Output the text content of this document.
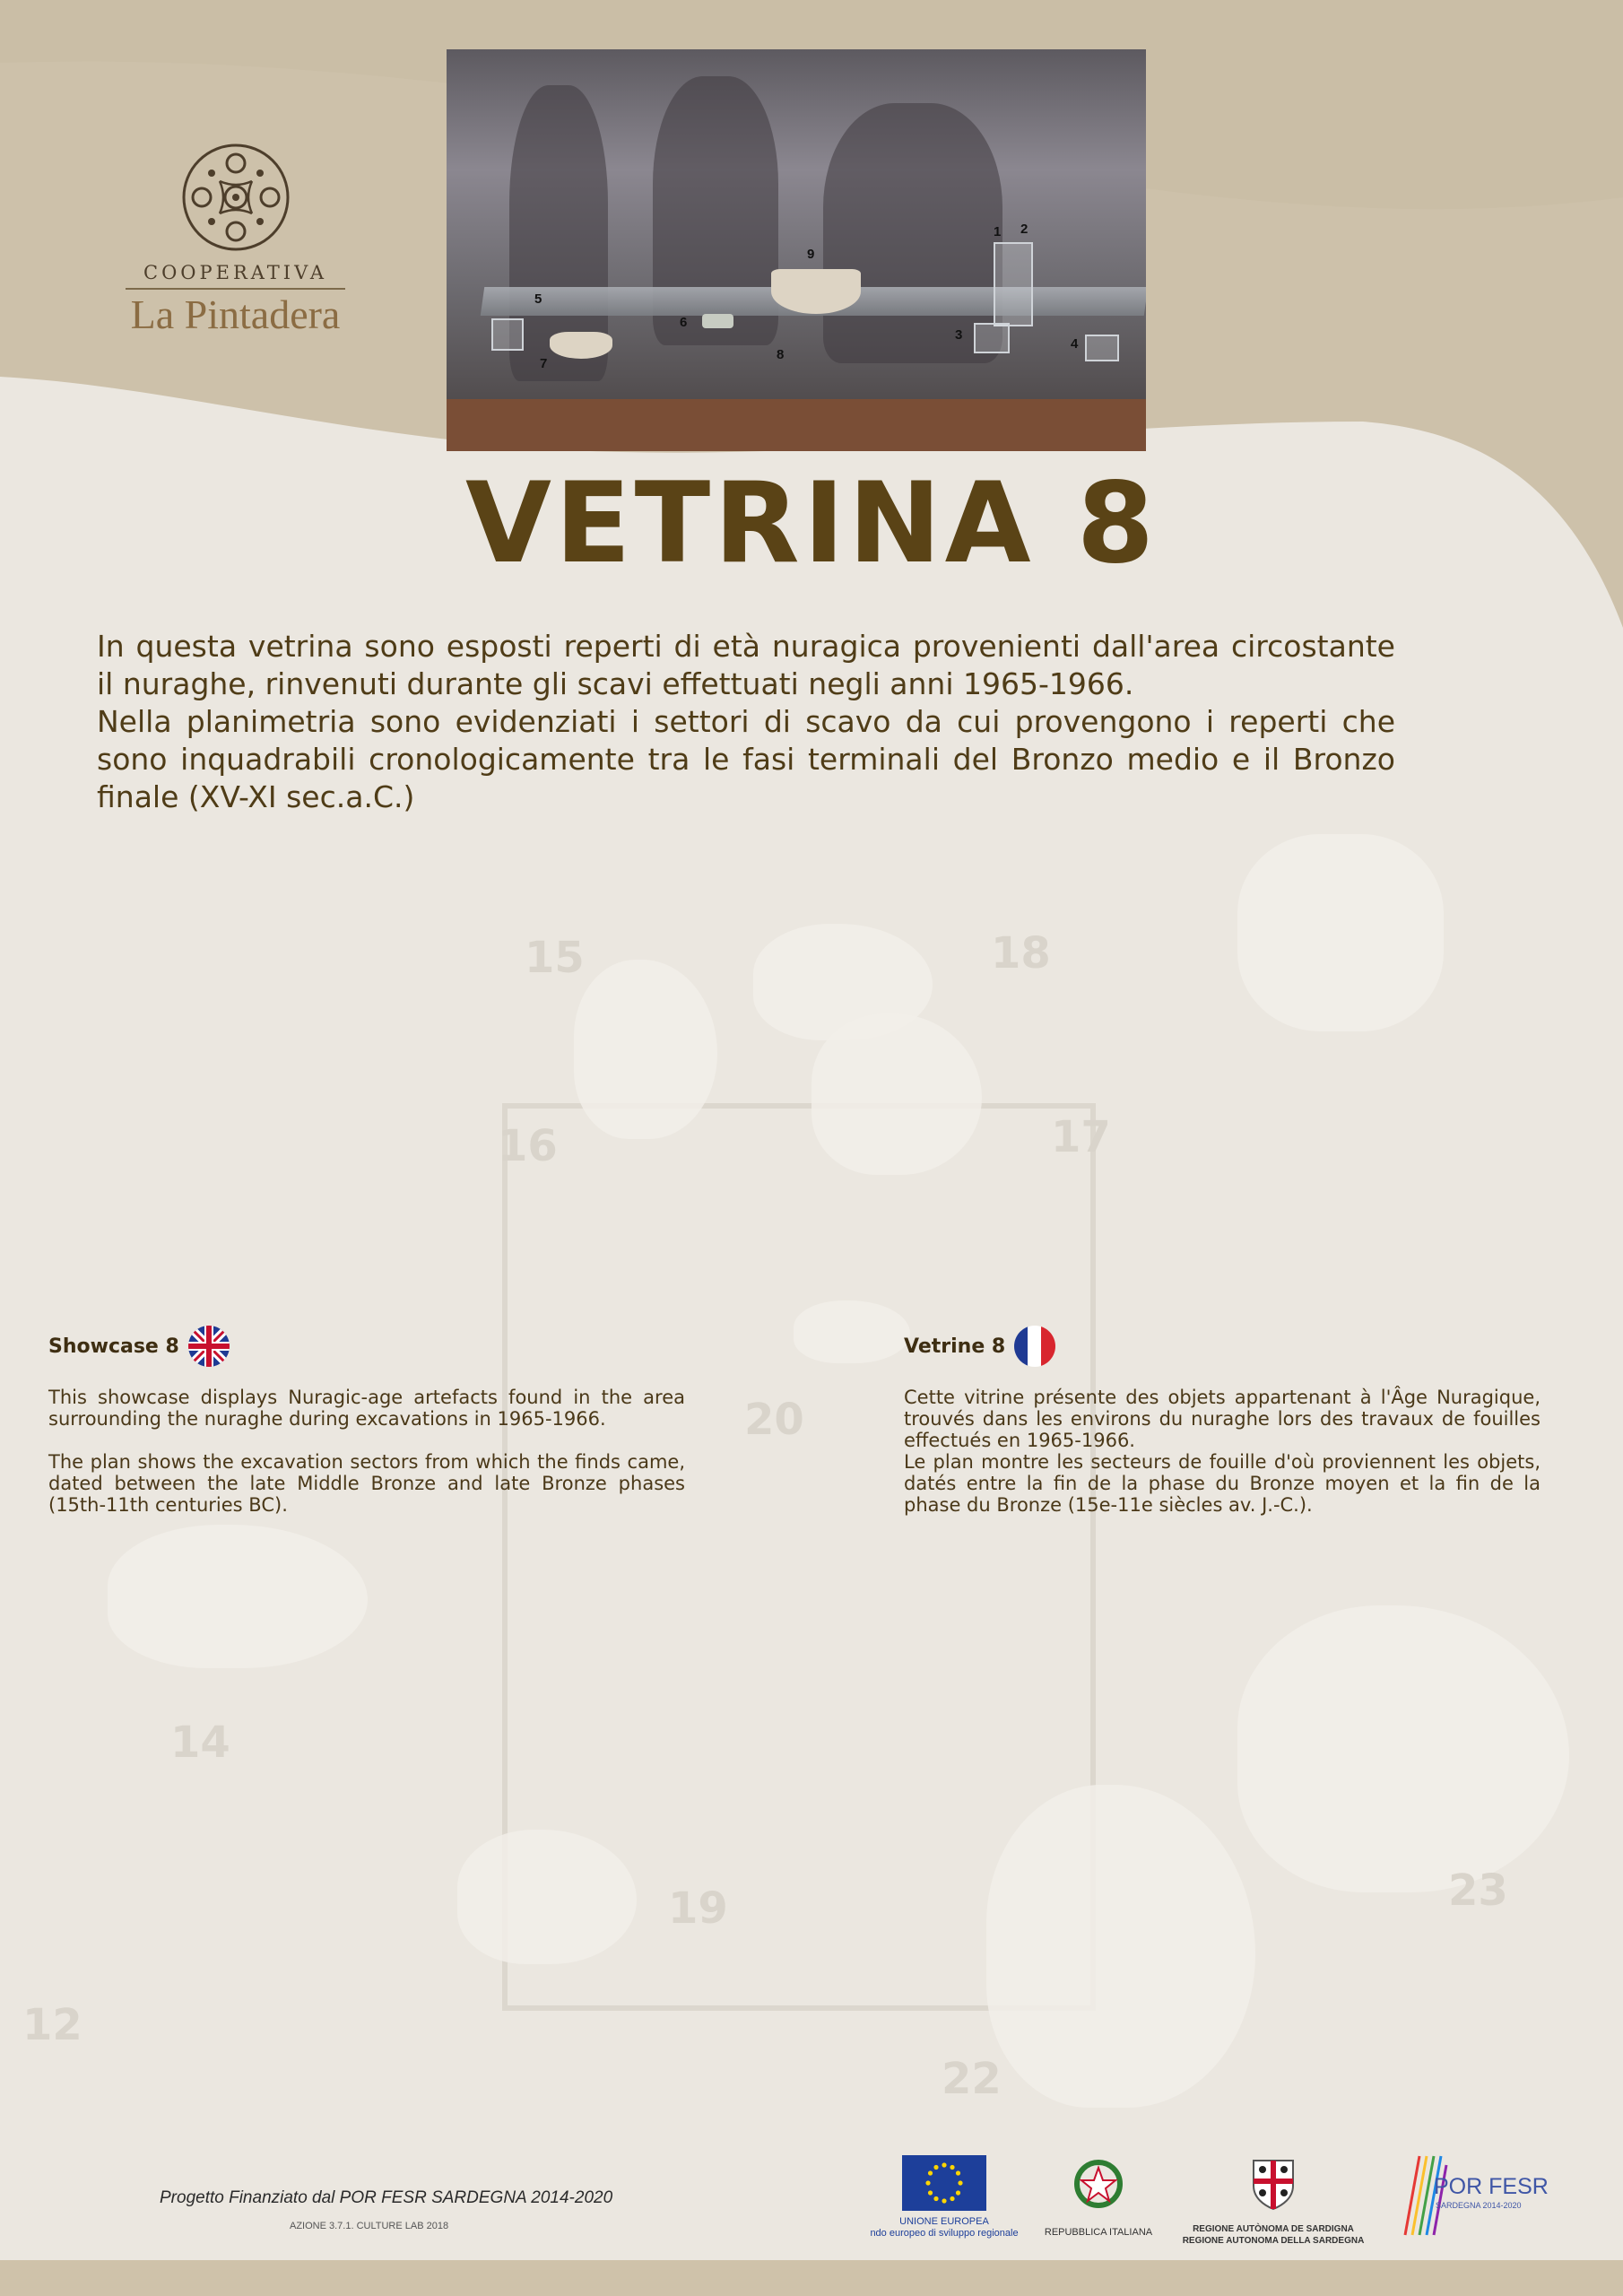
15	18
16	17
20
14
19	23
12
22
COOPERATIVA
La Pintadera
1 2
3
4
5
6
7
8
9
VETRINA 8

In questa vetrina sono esposti reperti di età nuragica provenienti dall'area circostante il nuraghe, rinvenuti durante gli scavi effettuati negli anni 1965-1966.

Nella planimetria sono evidenziati i settori di scavo da cui provengono i reperti che sono inquadrabili cronologicamente tra le fasi terminali del Bronzo medio e il Bronzo finale (XV-XI sec.a.C.)

Showcase 8

This showcase displays Nuragic-age artefacts found in the area surrounding the nuraghe during excavations in 1965-1966.

The plan shows the excavation sectors from which the finds came, dated between the late Middle Bronze and late Bronze phases (15th-11th centuries BC).

Vetrine 8

Cette vitrine présente des objets appartenant à l'Âge Nuragique, trouvés dans les environs du nuraghe lors des travaux de fouilles effectués en 1965-1966.

Le plan montre les secteurs de fouille d'où proviennent les objets, datés entre la fin de la phase du Bronze moyen et la fin de la phase du Bronze (15e-11e siècles av. J.-C.).

Progetto Finanziato dal POR FESR SARDEGNA 2014-2020
AZIONE 3.7.1. CULTURE LAB 2018	UNIONE EUROPEA
ndo europeo di sviluppo regionale	REPUBBLICA ITALIANA	REGIONE AUTÒNOMA DE SARDIGNA
REGIONE AUTONOMA DELLA SARDEGNA
POR FESR
SARDEGNA 2014-2020
